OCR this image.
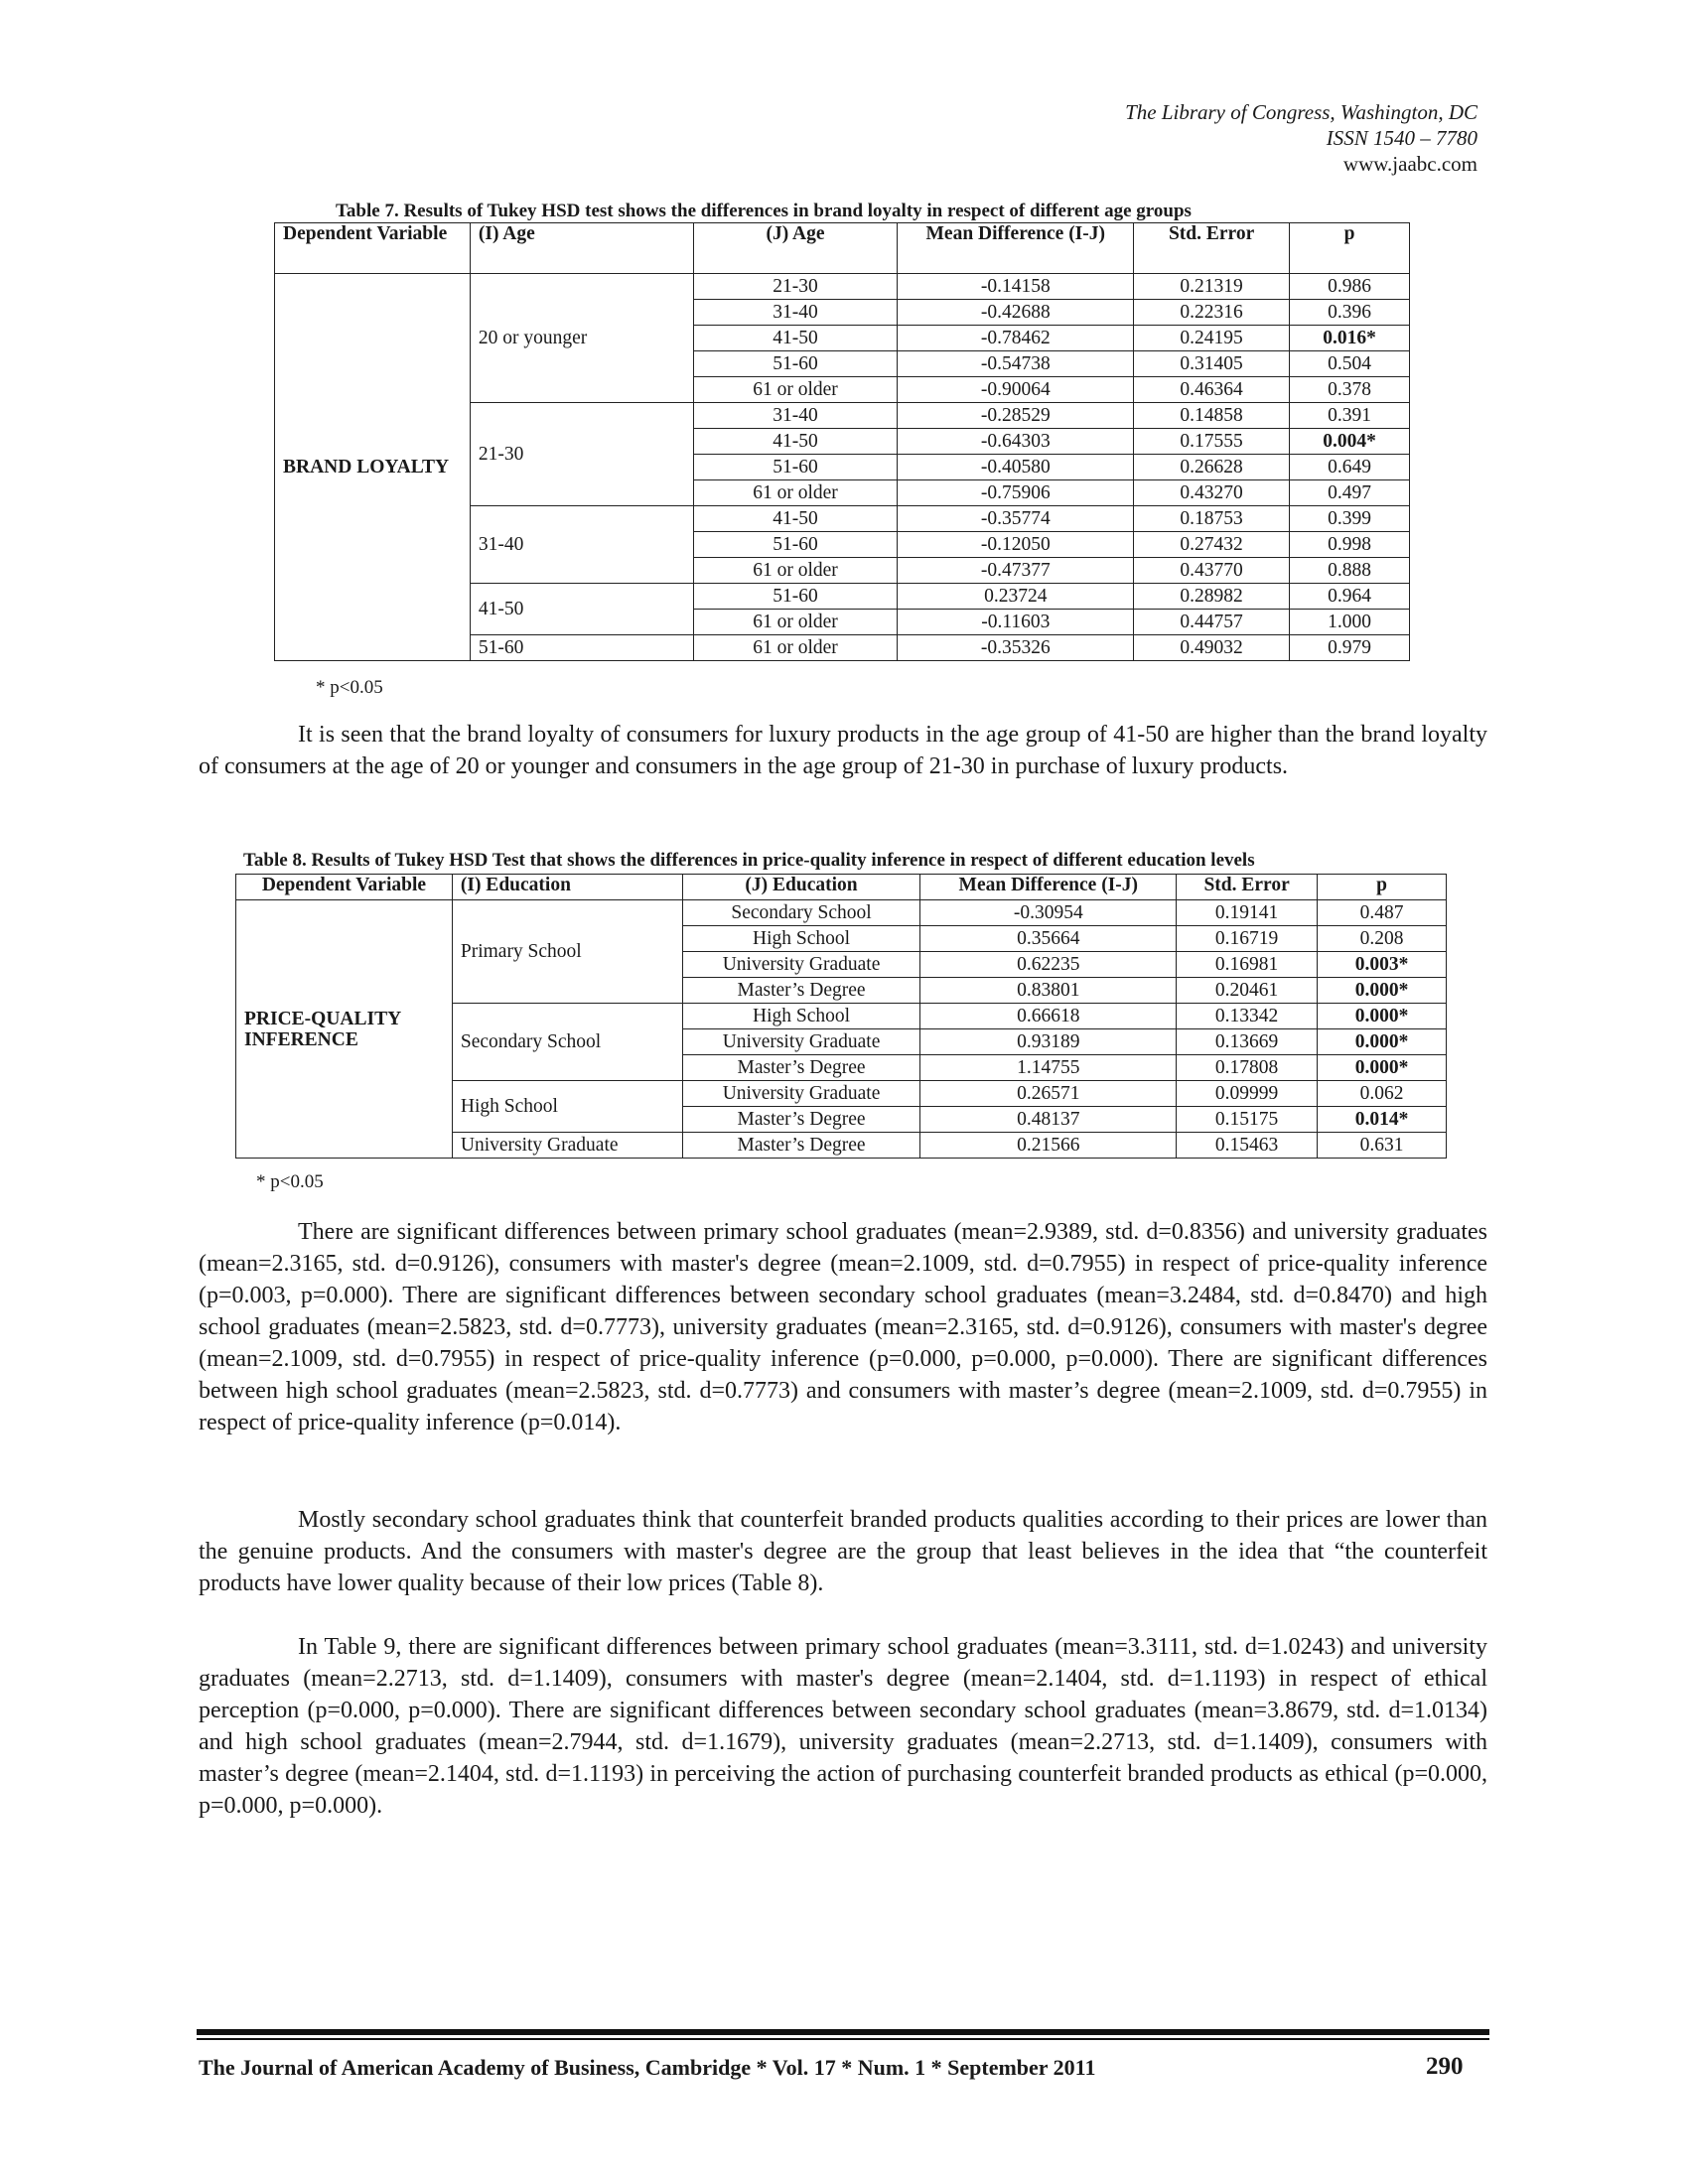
The Library of Congress, Washington, DC
ISSN 1540 – 7780
www.jaabc.com
Table 7. Results of Tukey HSD test shows the differences in brand loyalty in respect of different age groups
Dependent Variable	(I) Age	(J) Age	Mean Difference (I-J)	Std. Error	p
BRAND LOYALTY	20 or younger	21-30	-0.14158	0.21319	0.986
		31-40	-0.42688	0.22316	0.396
		41-50	-0.78462	0.24195	0.016*
		51-60	-0.54738	0.31405	0.504
		61 or older	-0.90064	0.46364	0.378
	21-30	31-40	-0.28529	0.14858	0.391
		41-50	-0.64303	0.17555	0.004*
		51-60	-0.40580	0.26628	0.649
		61 or older	-0.75906	0.43270	0.497
	31-40	41-50	-0.35774	0.18753	0.399
		51-60	-0.12050	0.27432	0.998
		61 or older	-0.47377	0.43770	0.888
	41-50	51-60	0.23724	0.28982	0.964
		61 or older	-0.11603	0.44757	1.000
	51-60	61 or older	-0.35326	0.49032	0.979
* p<0.05

It is seen that the brand loyalty of consumers for luxury products in the age group of 41-50 are higher than the brand loyalty of consumers at the age of 20 or younger and consumers in the age group of 21-30 in purchase of luxury products.

Table 8. Results of Tukey HSD Test that shows the differences in price-quality inference in respect of different education levels
Dependent Variable	(I) Education	(J) Education	Mean Difference (I-J)	Std. Error	p
PRICE-QUALITY INFERENCE	Primary School	Secondary School	-0.30954	0.19141	0.487
		High School	0.35664	0.16719	0.208
		University Graduate	0.62235	0.16981	0.003*
		Master’s Degree	0.83801	0.20461	0.000*
	Secondary School	High School	0.66618	0.13342	0.000*
		University Graduate	0.93189	0.13669	0.000*
		Master’s Degree	1.14755	0.17808	0.000*
	High School	University Graduate	0.26571	0.09999	0.062
		Master’s Degree	0.48137	0.15175	0.014*
	University Graduate	Master’s Degree	0.21566	0.15463	0.631
* p<0.05

There are significant differences between primary school graduates (mean=2.9389, std. d=0.8356) and university graduates (mean=2.3165, std. d=0.9126), consumers with master's degree (mean=2.1009, std. d=0.7955) in respect of price-quality inference (p=0.003, p=0.000). There are significant differences between secondary school graduates (mean=3.2484, std. d=0.8470) and high school graduates (mean=2.5823, std. d=0.7773), university graduates (mean=2.3165, std. d=0.9126), consumers with master's degree (mean=2.1009, std. d=0.7955) in respect of price-quality inference (p=0.000, p=0.000, p=0.000). There are significant differences between high school graduates (mean=2.5823, std. d=0.7773) and consumers with master’s degree (mean=2.1009, std. d=0.7955) in respect of price-quality inference (p=0.014).

Mostly secondary school graduates think that counterfeit branded products qualities according to their prices are lower than the genuine products. And the consumers with master's degree are the group that least believes in the idea that “the counterfeit products have lower quality because of their low prices (Table 8).

In Table 9, there are significant differences between primary school graduates (mean=3.3111, std. d=1.0243) and university graduates (mean=2.2713, std. d=1.1409), consumers with master's degree (mean=2.1404, std. d=1.1193) in respect of ethical perception (p=0.000, p=0.000). There are significant differences between secondary school graduates (mean=3.8679, std. d=1.0134) and high school graduates (mean=2.7944, std. d=1.1679), university graduates (mean=2.2713, std. d=1.1409), consumers with master’s degree (mean=2.1404, std. d=1.1193) in perceiving the action of purchasing counterfeit branded products as ethical (p=0.000, p=0.000, p=0.000).

The Journal of American Academy of Business, Cambridge * Vol. 17 * Num. 1 * September 2011	290
